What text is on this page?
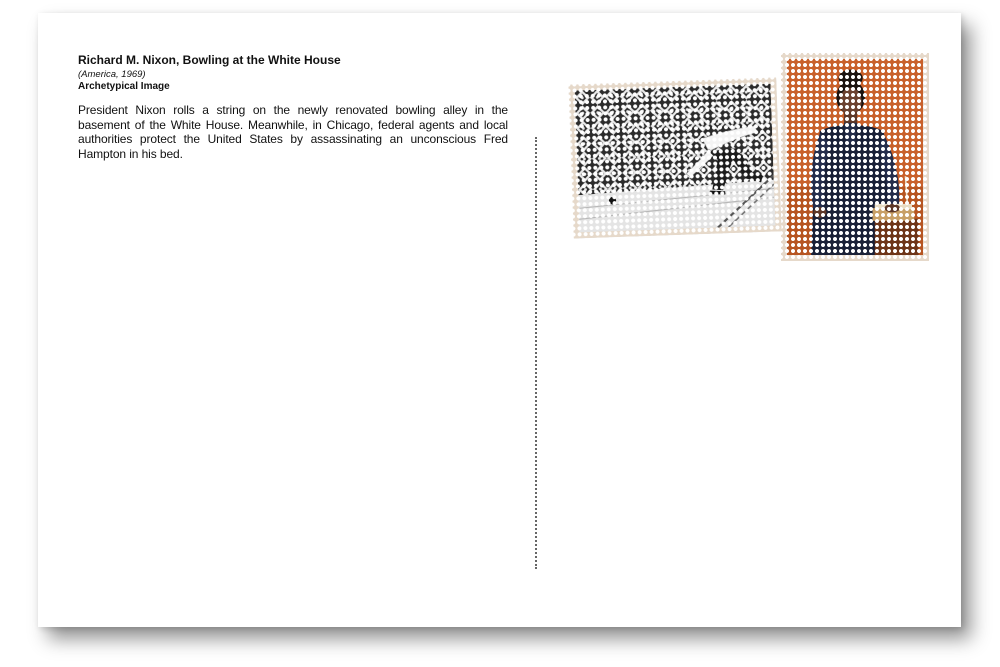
Richard M. Nixon, Bowling at the White House

(America, 1969)

Archetypical Image

President Nixon rolls a string on the newly renovated bowling alley in the basement of the White House. Meanwhile, in Chicago, federal agents and local authorities protect the United States by assassinating an unconscious Fred Hampton in his bed.
